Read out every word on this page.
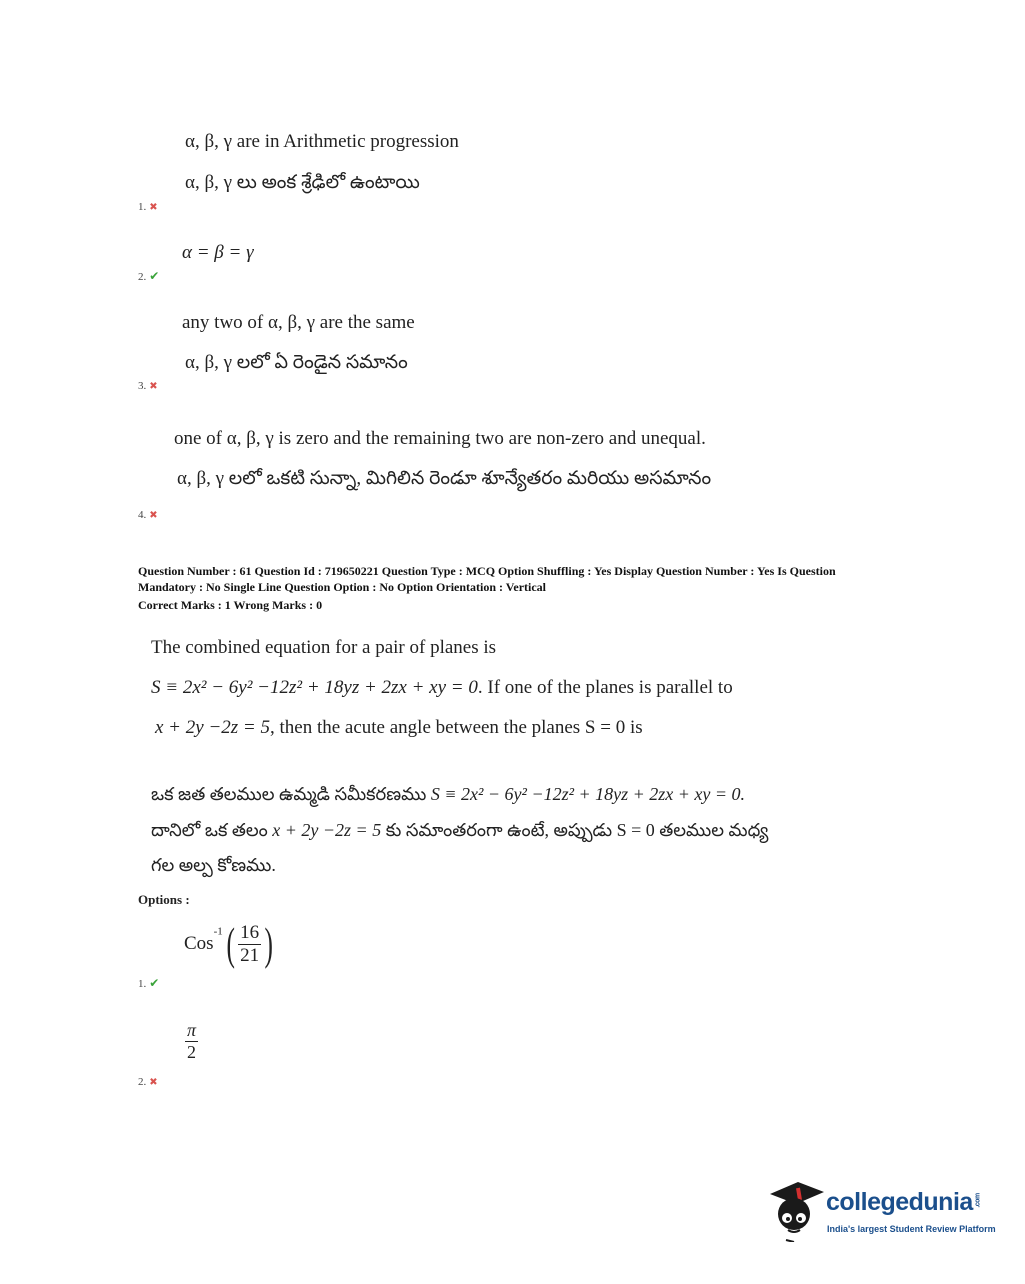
α, β, γ are in Arithmetic progression
α, β, γ లు అంక శ్రేఢిలో ఉంటాయి
1. ✖
α = β = γ
2. ✔
any two of α, β, γ are the same
α, β, γ లలో ఏ రెండైన సమానం
3. ✖
one of α, β, γ is zero and the remaining two are non-zero and unequal.
α, β, γ లలో ఒకటి సున్నా, మిగిలిన రెండూ శూన్యేతరం మరియు అసమానం
4. ✖
Question Number : 61 Question Id : 719650221 Question Type : MCQ Option Shuffling : Yes Display Question Number : Yes Is Question
Mandatory : No Single Line Question Option : No Option Orientation : Vertical
Correct Marks : 1 Wrong Marks : 0
The combined equation for a pair of planes is
S ≡ 2x² − 6y² −12z² + 18yz + 2zx + xy = 0. If one of the planes is parallel to
x + 2y −2z = 5, then the acute angle between the planes S = 0 is
ఒక జత తలముల ఉమ్మడి సమీకరణము S ≡ 2x² − 6y² −12z² + 18yz + 2zx + xy = 0.
దానిలో ఒక తలం x + 2y −2z = 5 కు సమాంతరంగా ఉంటే, అప్పుడు S = 0 తలముల మధ్య
గల అల్ప కోణము.
Options :
Cos$^{-1}$ ( $\frac{16}{21}$ )
1. ✔
$\frac{\pi}{2}$
2. ✖
collegedunia .com
India's largest Student Review Platform
